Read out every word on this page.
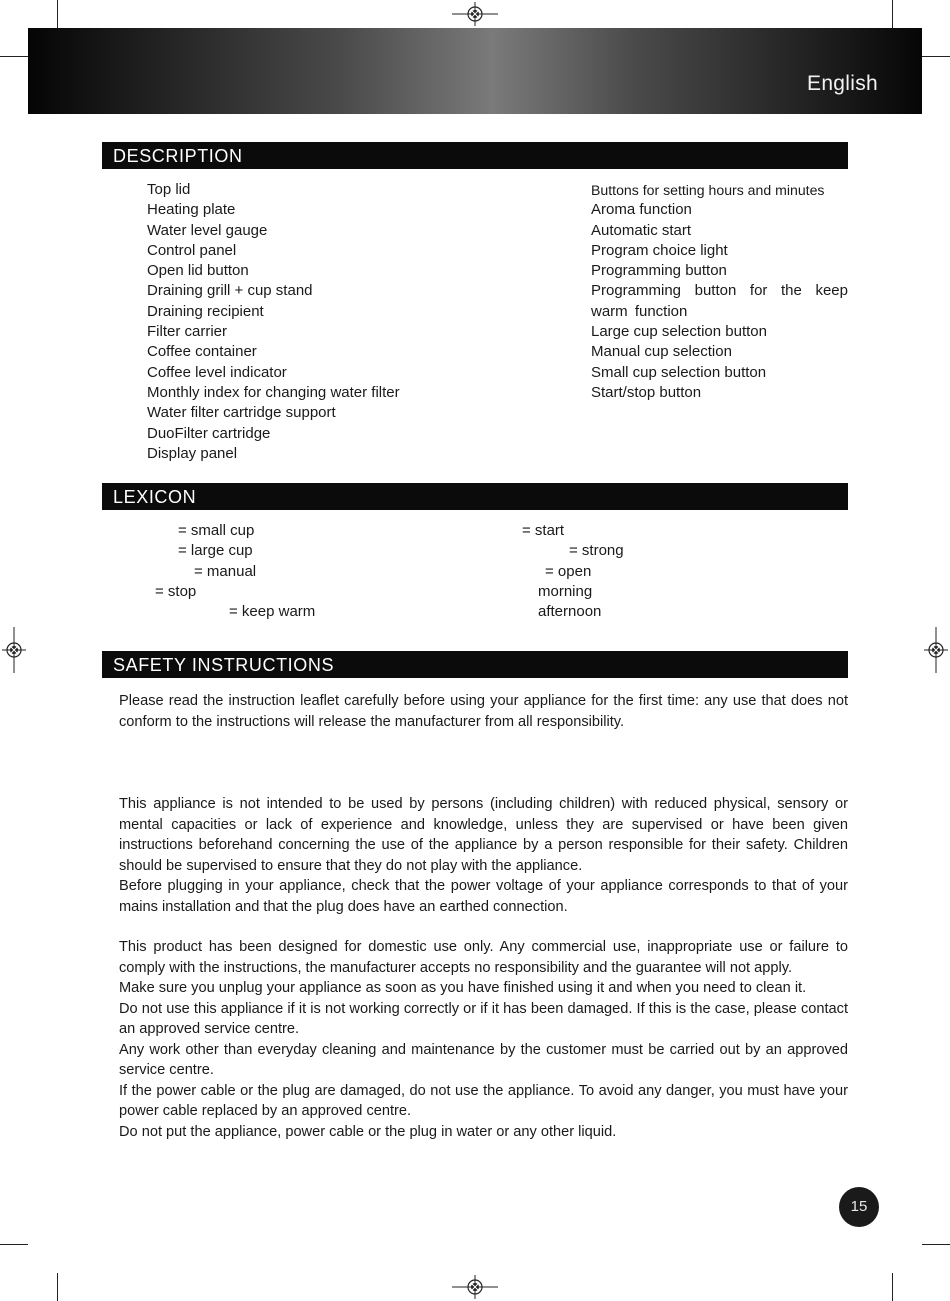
English
DESCRIPTION
Top lid
Heating plate
Water level gauge
Control panel
Open lid button
Draining grill + cup stand
Draining recipient
Filter carrier
Coffee container
Coffee level indicator
Monthly index for changing water filter
Water filter cartridge support
DuoFilter cartridge
Display panel
Buttons for setting hours and minutes
Aroma function
Automatic start
Program choice light
Programming button
Programming button for the keep warm function
Large cup selection button
Manual cup selection
Small cup selection button
Start/stop button
LEXICON
= small cup
= large cup
= manual
= stop
= keep warm
= start
= strong
= open
morning
afternoon
SAFETY INSTRUCTIONS

Please read the instruction leaflet carefully before using your appliance for the first time: any use that does not conform to the instructions will release the manufacturer from all responsibility.

This appliance is not intended to be used by persons (including children) with reduced physical, sensory or mental capacities or lack of experience and knowledge, unless they are supervised or have been given instructions beforehand concerning the use of the appliance by a person responsible for their safety. Children should be supervised to ensure that they do not play with the appliance.

Before plugging in your appliance, check that the power voltage of your appliance corresponds to that of your mains installation and that the plug does have an earthed connection.

This product has been designed for domestic use only. Any commercial use, inappropriate use or failure to comply with the instructions, the manufacturer accepts no responsibility and the guarantee will not apply.

Make sure you unplug your appliance as soon as you have finished using it and when you need to clean it.

Do not use this appliance if it is not working correctly or if it has been damaged. If this is the case, please contact an approved service centre.

Any work other than everyday cleaning and maintenance by the customer must be carried out by an approved service centre.

If the power cable or the plug are damaged, do not use the appliance. To avoid any danger, you must have your power cable replaced by an approved centre.

Do not put the appliance, power cable or the plug in water or any other liquid.

15
